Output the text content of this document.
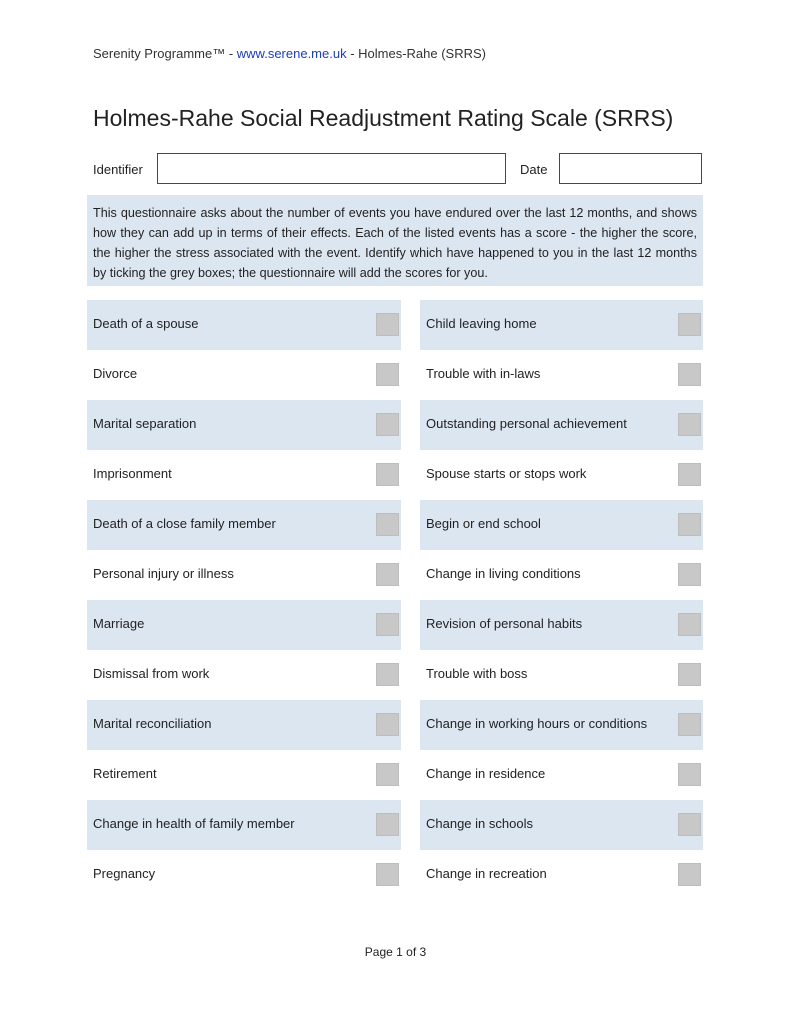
Serenity Programme™ - www.serene.me.uk - Holmes-Rahe (SRRS)
Holmes-Rahe Social Readjustment Rating Scale (SRRS)
Identifier	Date
This questionnaire asks about the number of events you have endured over the last 12 months, and shows how they can add up in terms of their effects. Each of the listed events has a score - the higher the score, the higher the stress associated with the event. Identify which have happened to you in the last 12 months by ticking the grey boxes; the questionnaire will add the scores for you.
Death of a spouse
Divorce
Marital separation
Imprisonment
Death of a close family member
Personal injury or illness
Marriage
Dismissal from work
Marital reconciliation
Retirement
Change in health of family member
Pregnancy
Child leaving home
Trouble with in-laws
Outstanding personal achievement
Spouse starts or stops work
Begin or end school
Change in living conditions
Revision of personal habits
Trouble with boss
Change in working hours or conditions
Change in residence
Change in schools
Change in recreation
Page 1 of 3
